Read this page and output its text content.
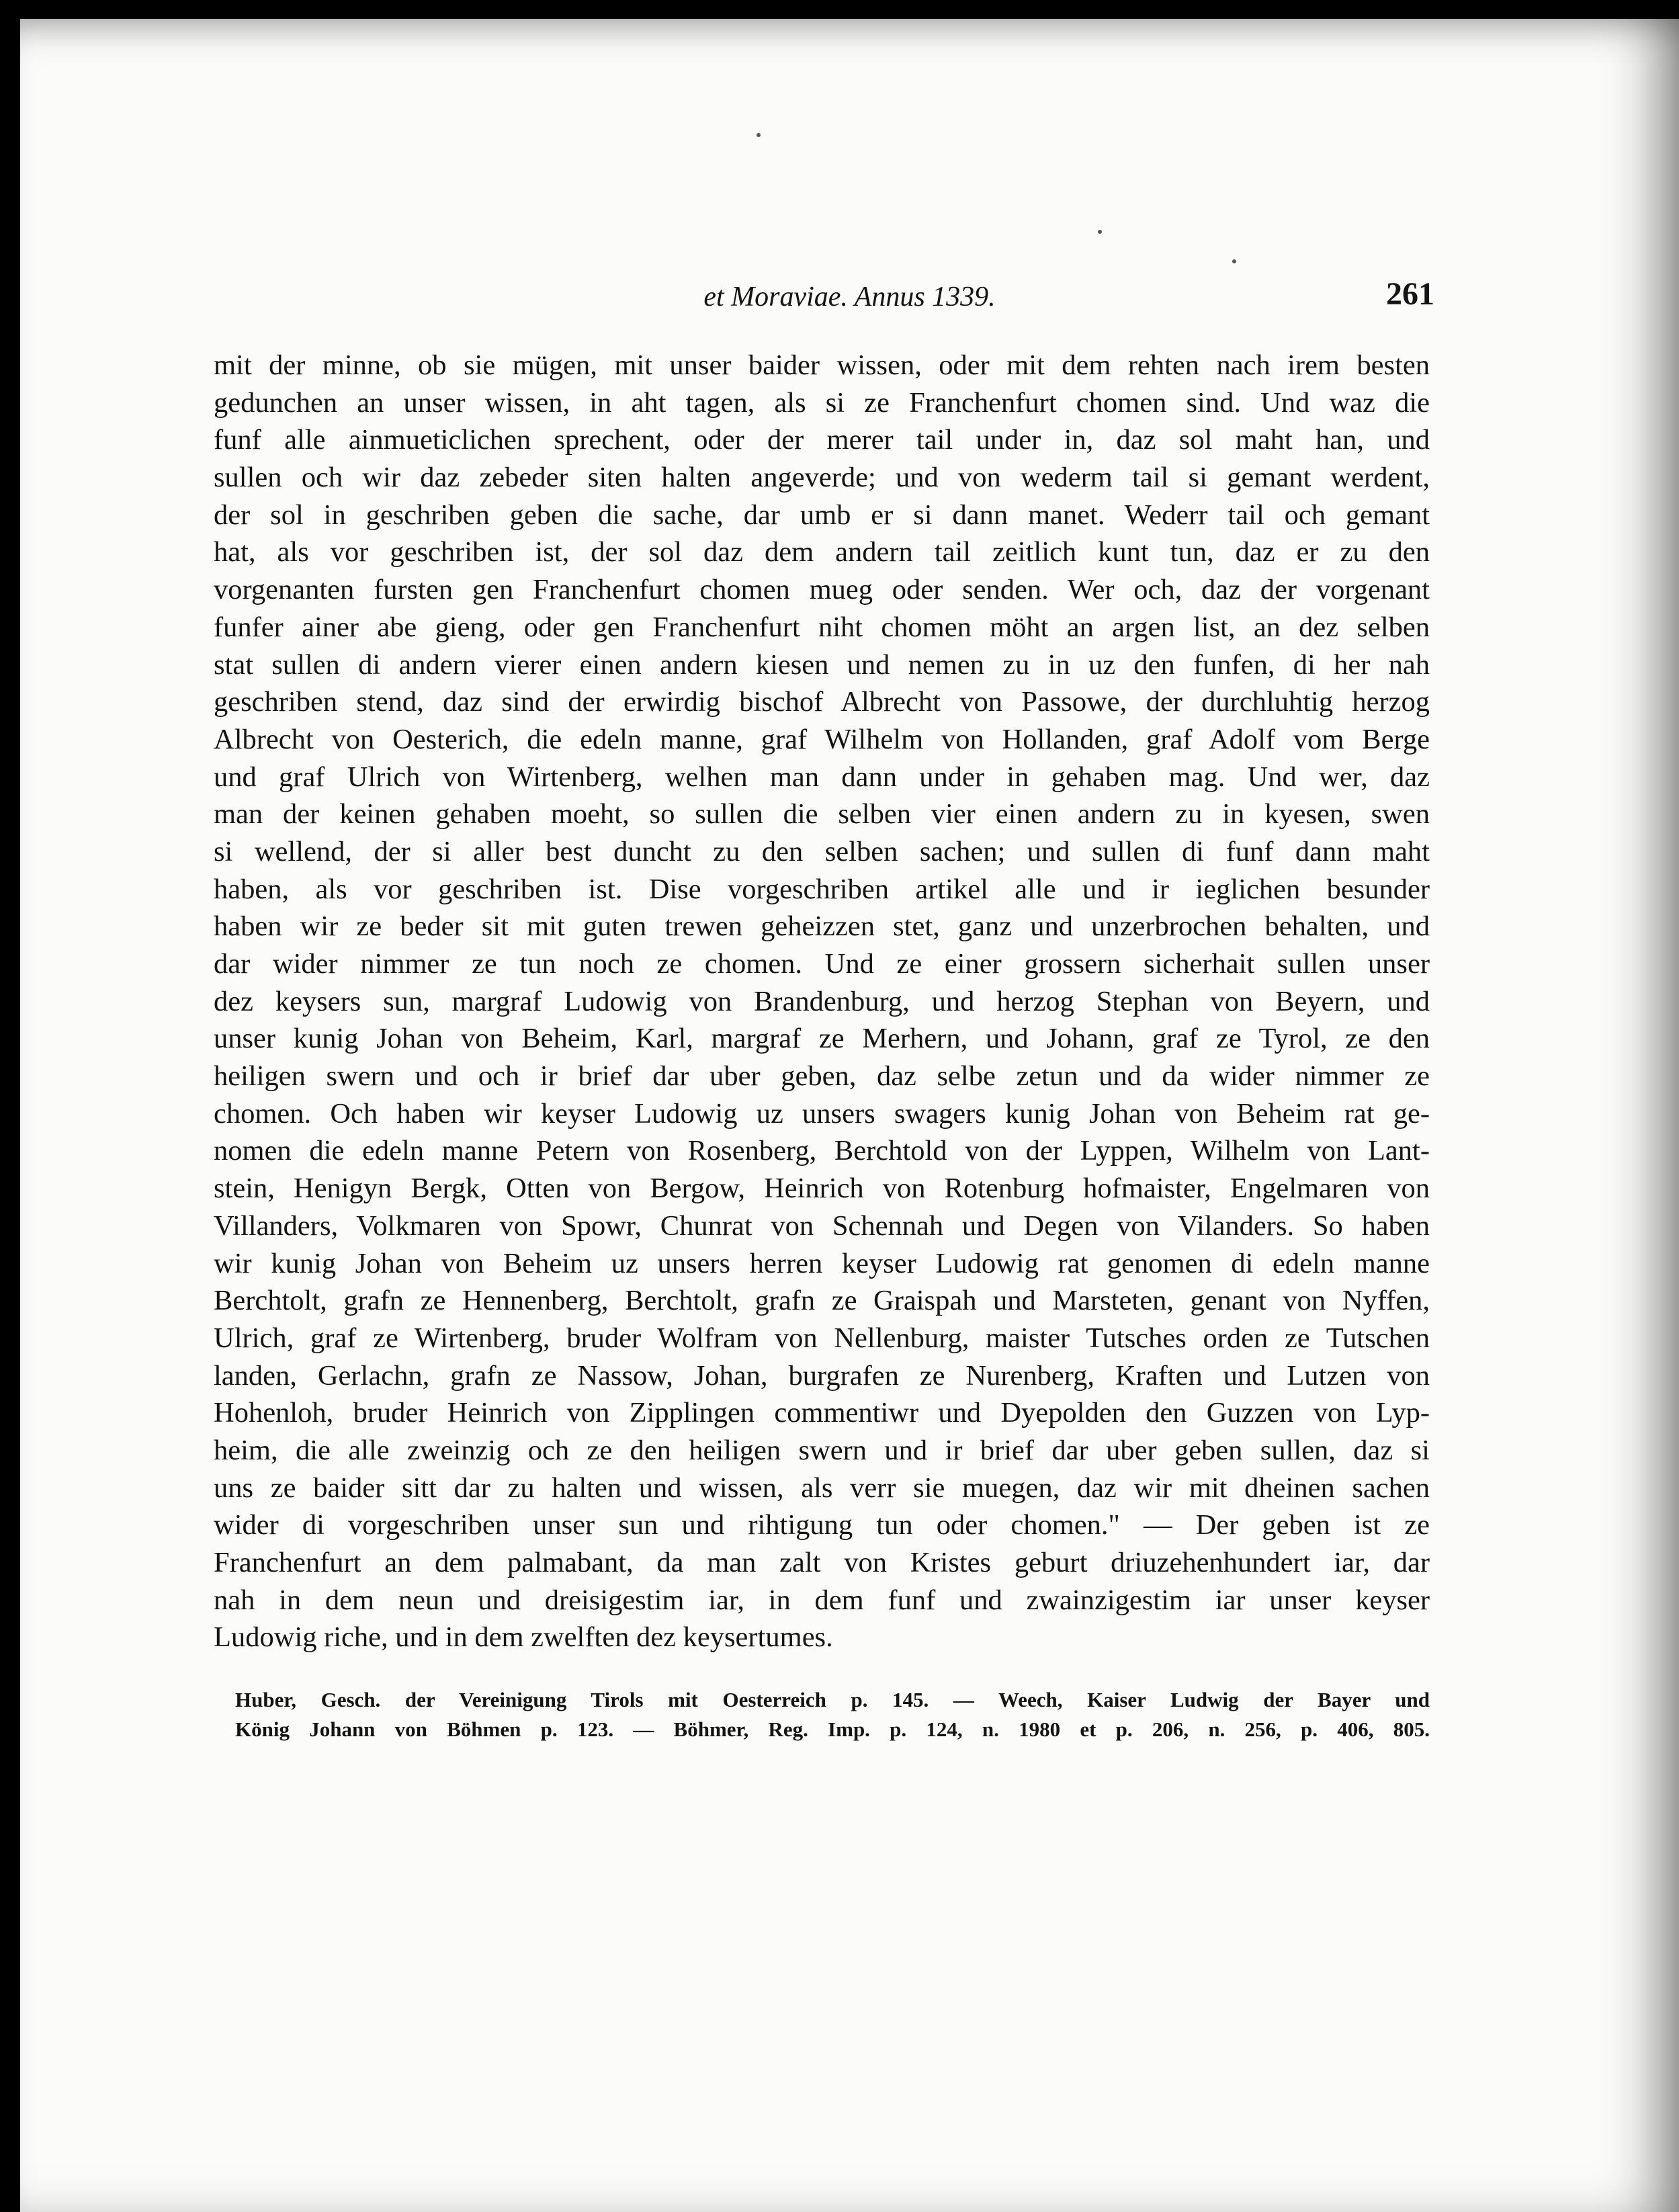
et Moraviae. Annus 1339.	261
mit der minne, ob sie mügen, mit unser baider wissen, oder mit dem rehten nach irem besten
gedunchen an unser wissen, in aht tagen, als si ze Franchenfurt chomen sind. Und waz die
funf alle ainmueticlichen sprechent, oder der merer tail under in, daz sol maht han, und
sullen och wir daz zebeder siten halten angeverde; und von wederm tail si gemant werdent,
der sol in geschriben geben die sache, dar umb er si dann manet. Wederr tail och gemant
hat, als vor geschriben ist, der sol daz dem andern tail zeitlich kunt tun, daz er zu den
vorgenanten fursten gen Franchenfurt chomen mueg oder senden. Wer och, daz der vorgenant
funfer ainer abe gieng, oder gen Franchenfurt niht chomen möht an argen list, an dez selben
stat sullen di andern vierer einen andern kiesen und nemen zu in uz den funfen, di her nah
geschriben stend, daz sind der erwirdig bischof Albrecht von Passowe, der durchluhtig herzog
Albrecht von Oesterich, die edeln manne, graf Wilhelm von Hollanden, graf Adolf vom Berge
und graf Ulrich von Wirtenberg, welhen man dann under in gehaben mag. Und wer, daz
man der keinen gehaben moeht, so sullen die selben vier einen andern zu in kyesen, swen
si wellend, der si aller best duncht zu den selben sachen; und sullen di funf dann maht
haben, als vor geschriben ist. Dise vorgeschriben artikel alle und ir ieglichen besunder
haben wir ze beder sit mit guten trewen geheizzen stet, ganz und unzerbrochen behalten, und
dar wider nimmer ze tun noch ze chomen. Und ze einer grossern sicherhait sullen unser
dez keysers sun, margraf Ludowig von Brandenburg, und herzog Stephan von Beyern, und
unser kunig Johan von Beheim, Karl, margraf ze Merhern, und Johann, graf ze Tyrol, ze den
heiligen swern und och ir brief dar uber geben, daz selbe zetun und da wider nimmer ze
chomen. Och haben wir keyser Ludowig uz unsers swagers kunig Johan von Beheim rat ge-
nomen die edeln manne Petern von Rosenberg, Berchtold von der Lyppen, Wilhelm von Lant-
stein, Henigyn Bergk, Otten von Bergow, Heinrich von Rotenburg hofmaister, Engelmaren von
Villanders, Volkmaren von Spowr, Chunrat von Schennah und Degen von Vilanders. So haben
wir kunig Johan von Beheim uz unsers herren keyser Ludowig rat genomen di edeln manne
Berchtolt, grafn ze Hennenberg, Berchtolt, grafn ze Graispah und Marsteten, genant von Nyffen,
Ulrich, graf ze Wirtenberg, bruder Wolfram von Nellenburg, maister Tutsches orden ze Tutschen
landen, Gerlachn, grafn ze Nassow, Johan, burgrafen ze Nurenberg, Kraften und Lutzen von
Hohenloh, bruder Heinrich von Zipplingen commentiwr und Dyepolden den Guzzen von Lyp-
heim, die alle zweinzig och ze den heiligen swern und ir brief dar uber geben sullen, daz si
uns ze baider sitt dar zu halten und wissen, als verr sie muegen, daz wir mit dheinen sachen
wider di vorgeschriben unser sun und rihtigung tun oder chomen." — Der geben ist ze
Franchenfurt an dem palmabant, da man zalt von Kristes geburt driuzehenhundert iar, dar
nah in dem neun und dreisigestim iar, in dem funf und zwainzigestim iar unser keyser
Ludowig riche, und in dem zwelften dez keysertumes.
Huber, Gesch. der Vereinigung Tirols mit Oesterreich p. 145. — Weech, Kaiser Ludwig der Bayer und
König Johann von Böhmen p. 123. — Böhmer, Reg. Imp. p. 124, n. 1980 et p. 206, n. 256, p. 406, 805.
